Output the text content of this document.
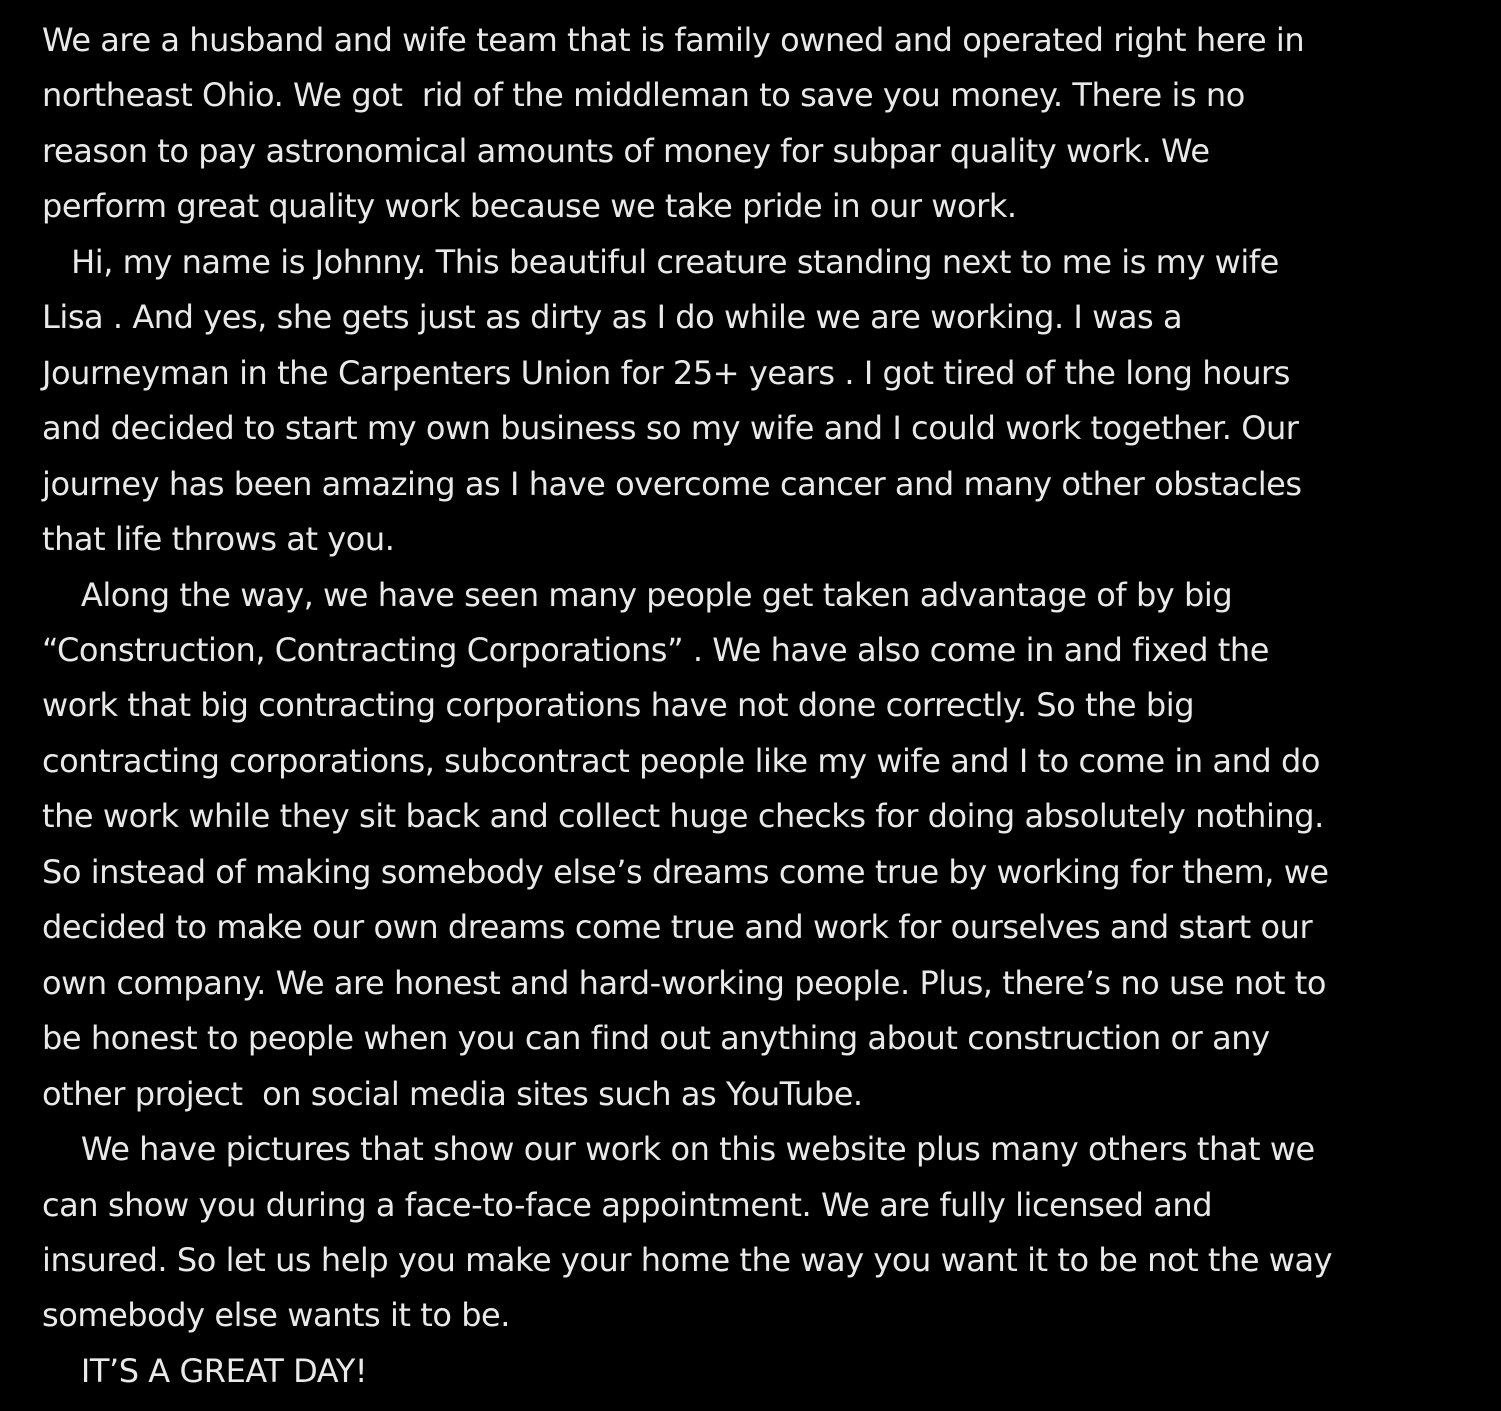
We are a husband and wife team that is family owned and operated right here in
northeast Ohio. We got  rid of the middleman to save you money. There is no
reason to pay astronomical amounts of money for subpar quality work. We
perform great quality work because we take pride in our work.
Hi, my name is Johnny. This beautiful creature standing next to me is my wife
Lisa . And yes, she gets just as dirty as I do while we are working. I was a
Journeyman in the Carpenters Union for 25+ years . I got tired of the long hours
and decided to start my own business so my wife and I could work together. Our
journey has been amazing as I have overcome cancer and many other obstacles
that life throws at you.
Along the way, we have seen many people get taken advantage of by big
“Construction, Contracting Corporations” . We have also come in and fixed the
work that big contracting corporations have not done correctly. So the big
contracting corporations, subcontract people like my wife and I to come in and do
the work while they sit back and collect huge checks for doing absolutely nothing.
So instead of making somebody else’s dreams come true by working for them, we
decided to make our own dreams come true and work for ourselves and start our
own company. We are honest and hard-working people. Plus, there’s no use not to
be honest to people when you can find out anything about construction or any
other project  on social media sites such as YouTube.
We have pictures that show our work on this website plus many others that we
can show you during a face-to-face appointment. We are fully licensed and
insured. So let us help you make your home the way you want it to be not the way
somebody else wants it to be.
IT’S A GREAT DAY!
